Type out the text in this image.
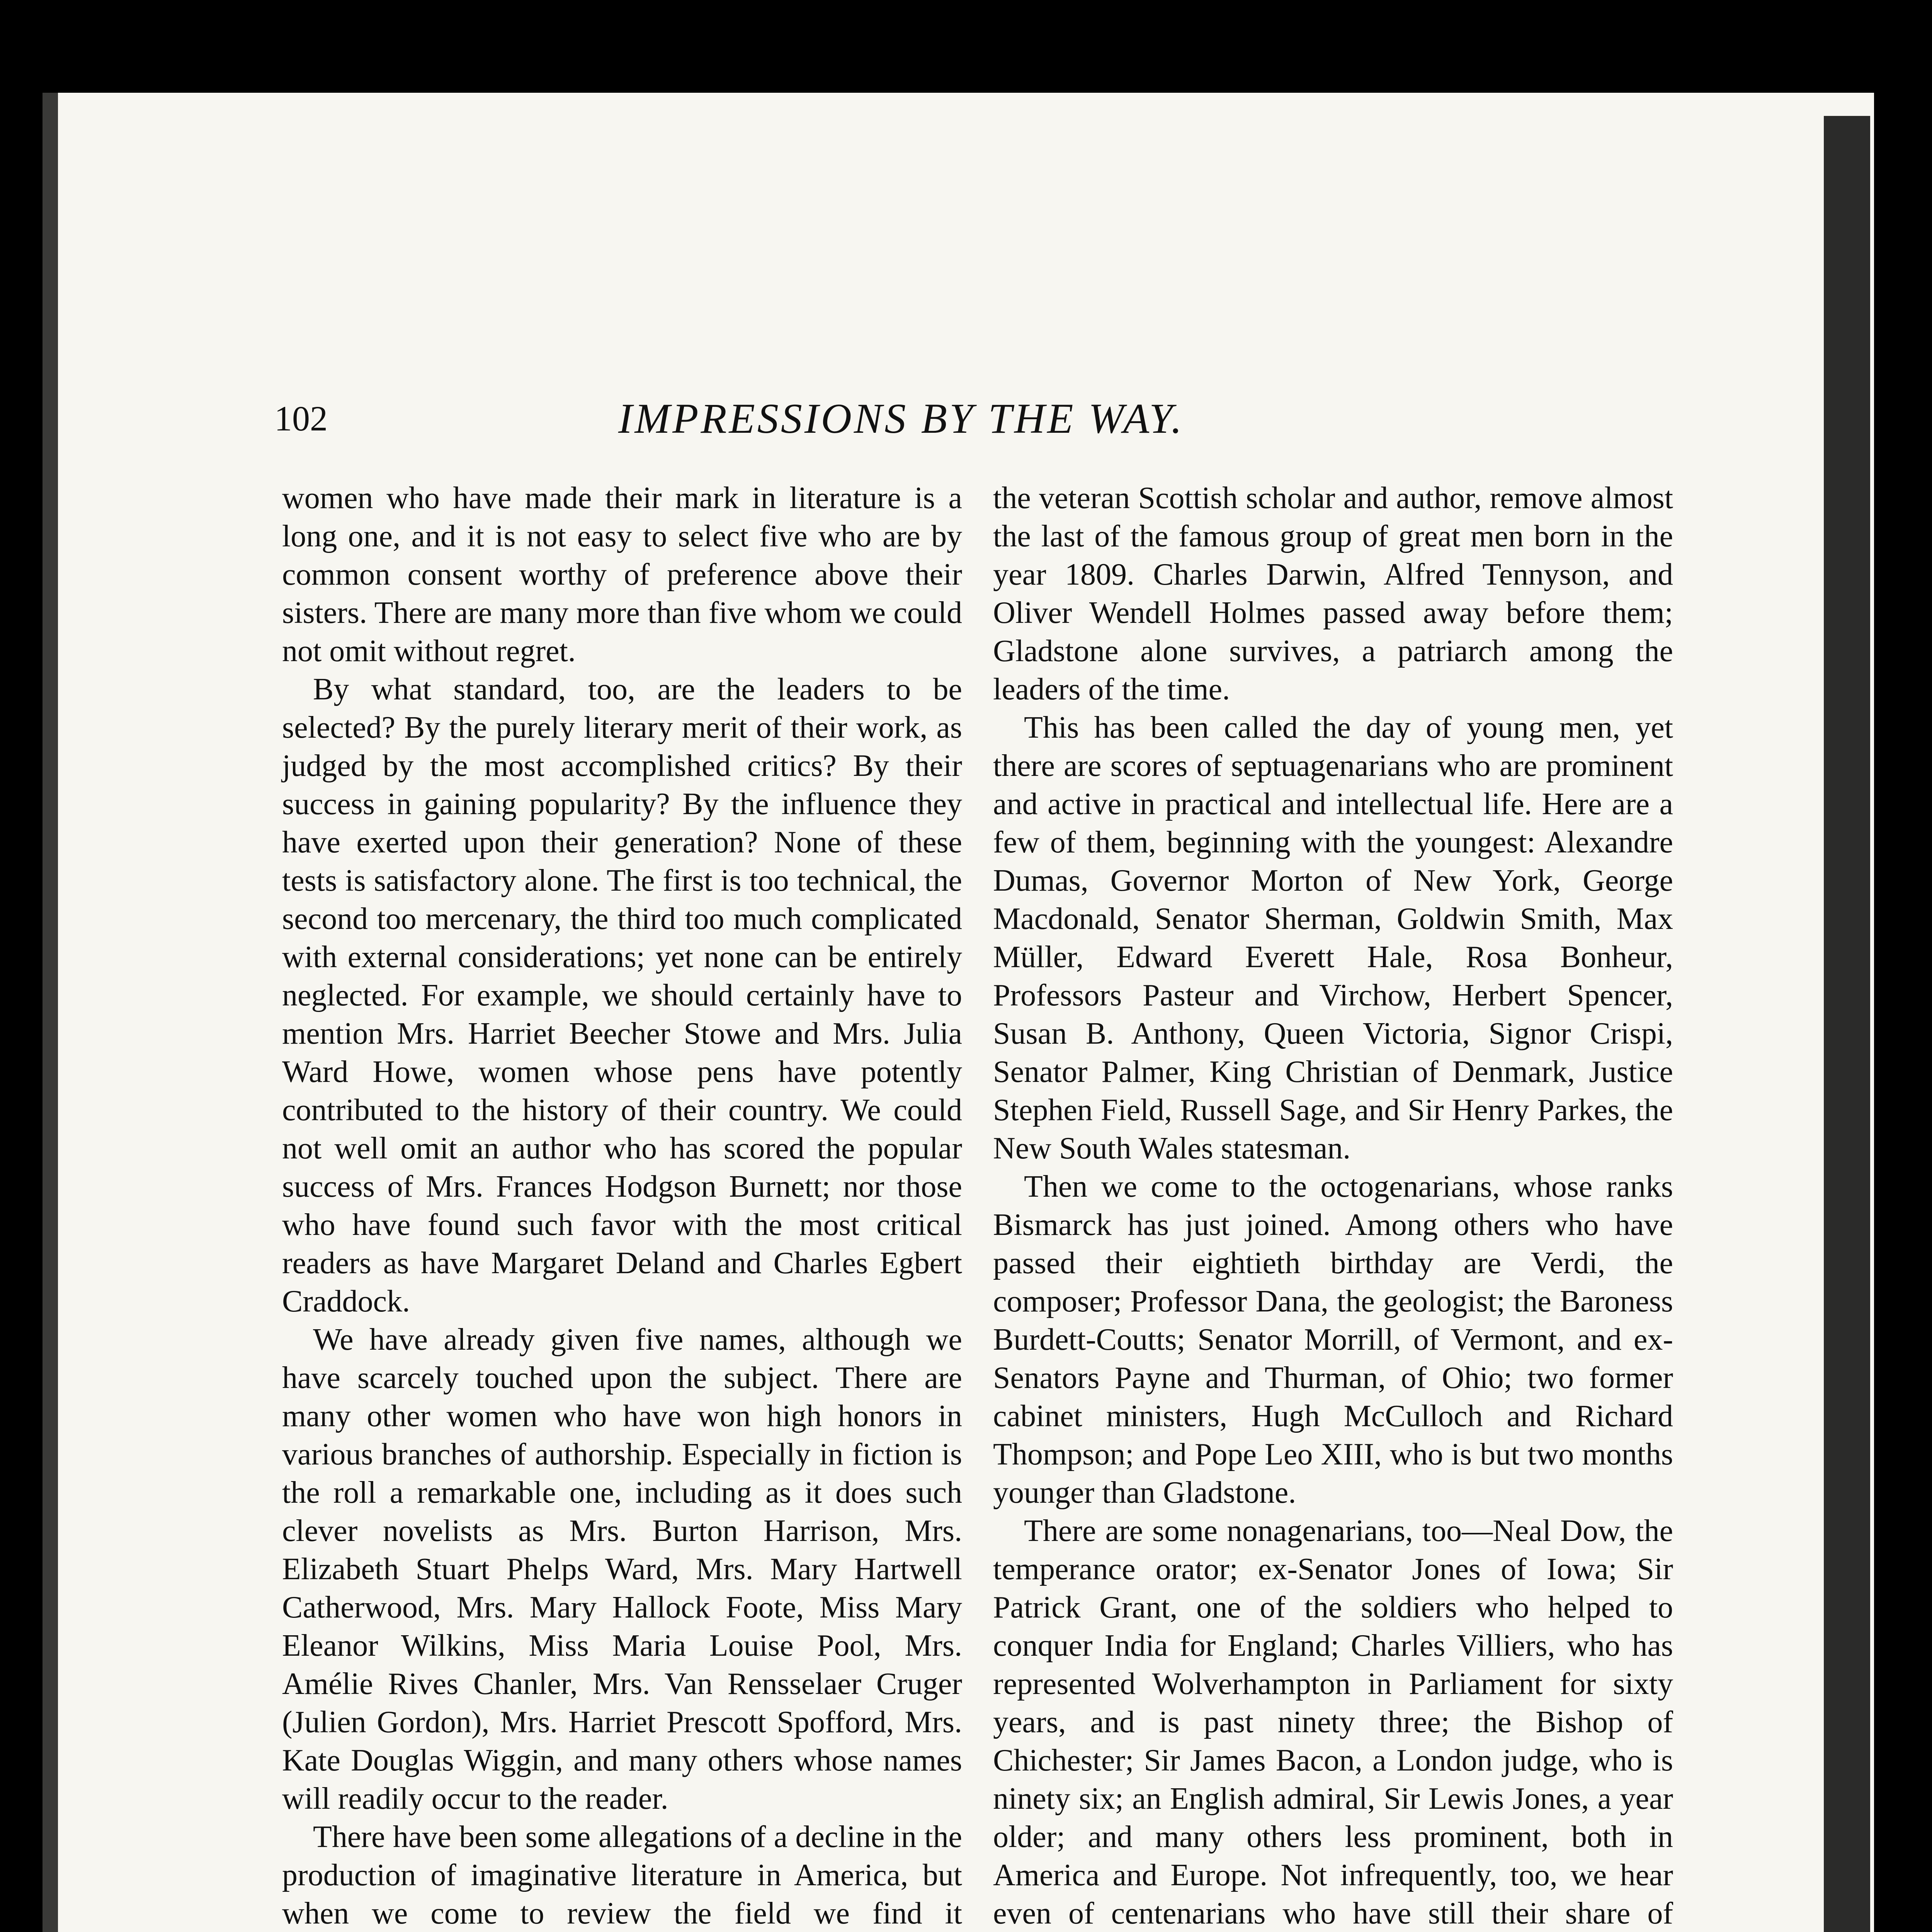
102	IMPRESSIONS BY THE WAY.

women who have made their mark in literature is a long one, and it is not easy to select five who are by common consent worthy of preference above their sisters. There are many more than five whom we could not omit without regret.

By what standard, too, are the leaders to be selected? By the purely literary merit of their work, as judged by the most accomplished critics? By their success in gaining popularity? By the influence they have exerted upon their generation? None of these tests is satisfactory alone. The first is too technical, the second too mercenary, the third too much complicated with external considerations; yet none can be entirely neglected. For example, we should certainly have to mention Mrs. Harriet Beecher Stowe and Mrs. Julia Ward Howe, women whose pens have potently contributed to the history of their country. We could not well omit an author who has scored the popular success of Mrs. Frances Hodgson Burnett; nor those who have found such favor with the most critical readers as have Margaret Deland and Charles Egbert Craddock.

We have already given five names, although we have scarcely touched upon the subject. There are many other women who have won high honors in various branches of authorship. Especially in fiction is the roll a remarkable one, including as it does such clever novelists as Mrs. Burton Harrison, Mrs. Elizabeth Stuart Phelps Ward, Mrs. Mary Hartwell Catherwood, Mrs. Mary Hallock Foote, Miss Mary Eleanor Wilkins, Miss Maria Louise Pool, Mrs. Amélie Rives Chanler, Mrs. Van Rensselaer Cruger (Julien Gordon), Mrs. Harriet Prescott Spofford, Mrs. Kate Douglas Wiggin, and many others whose names will readily occur to the reader.

There have been some allegations of a decline in the production of imaginative literature in America, but when we come to review the field we find it

the veteran Scottish scholar and author, remove almost the last of the famous group of great men born in the year 1809. Charles Darwin, Alfred Tennyson, and Oliver Wendell Holmes passed away before them; Gladstone alone survives, a patriarch among the leaders of the time.

This has been called the day of young men, yet there are scores of septuagenarians who are prominent and active in practical and intellectual life. Here are a few of them, beginning with the youngest: Alexandre Dumas, Governor Morton of New York, George Macdonald, Senator Sherman, Goldwin Smith, Max Müller, Edward Everett Hale, Rosa Bonheur, Professors Pasteur and Virchow, Herbert Spencer, Susan B. Anthony, Queen Victoria, Signor Crispi, Senator Palmer, King Christian of Denmark, Justice Stephen Field, Russell Sage, and Sir Henry Parkes, the New South Wales statesman.

Then we come to the octogenarians, whose ranks Bismarck has just joined. Among others who have passed their eightieth birthday are Verdi, the composer; Professor Dana, the geologist; the Baroness Burdett-Coutts; Senator Morrill, of Vermont, and ex-Senators Payne and Thurman, of Ohio; two former cabinet ministers, Hugh McCulloch and Richard Thompson; and Pope Leo XIII, who is but two months younger than Gladstone.

There are some nonagenarians, too—Neal Dow, the temperance orator; ex-Senator Jones of Iowa; Sir Patrick Grant, one of the soldiers who helped to conquer India for England; Charles Villiers, who has represented Wolverhampton in Parliament for sixty years, and is past ninety three; the Bishop of Chichester; Sir James Bacon, a London judge, who is ninety six; an English admiral, Sir Lewis Jones, a year older; and many others less prominent, both in America and Europe. Not infrequently, too, we hear even of centenarians who have still their share of
